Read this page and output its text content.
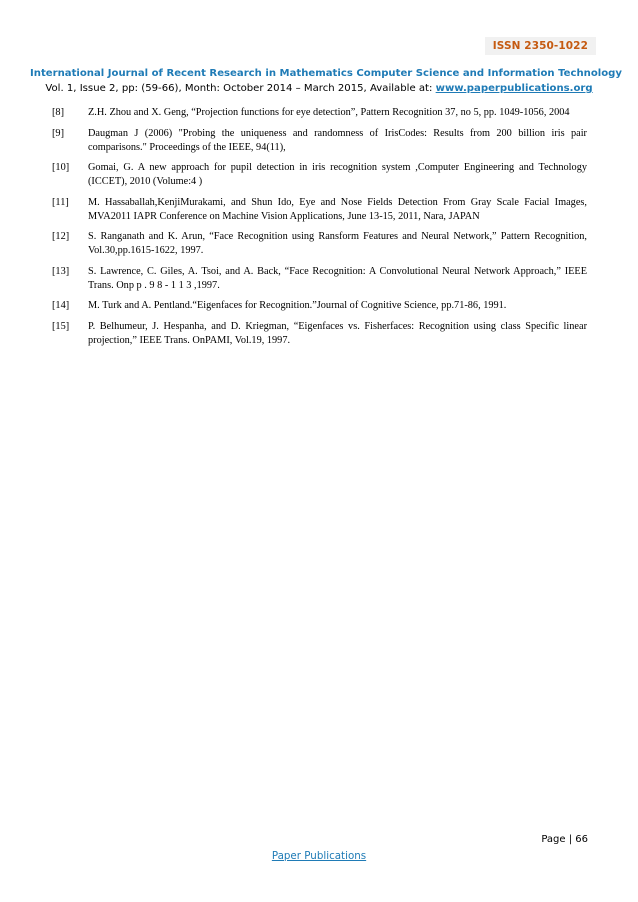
ISSN 2350-1022
International Journal of Recent Research in Mathematics Computer Science and Information Technology
Vol. 1, Issue 2, pp: (59-66), Month: October 2014 – March 2015, Available at: www.paperpublications.org
[8]	Z.H. Zhou and X. Geng, “Projection functions for eye detection”, Pattern Recognition 37, no 5, pp. 1049-1056, 2004
[9]	Daugman J (2006) "Probing the uniqueness and randomness of IrisCodes: Results from 200 billion iris pair comparisons." Proceedings of the IEEE, 94(11),
[10]	Gomai, G. A new approach for pupil detection in iris recognition system ,Computer Engineering and Technology (ICCET), 2010 (Volume:4 )
[11]	M. Hassaballah,KenjiMurakami, and Shun Ido, Eye and Nose Fields Detection From Gray Scale Facial Images, MVA2011 IAPR Conference on Machine Vision Applications, June 13-15, 2011, Nara, JAPAN
[12]	S. Ranganath and K. Arun, “Face Recognition using Ransform Features and Neural Network,” Pattern Recognition, Vol.30,pp.1615-1622, 1997.
[13]	S. Lawrence, C. Giles, A. Tsoi, and A. Back, “Face Recognition: A Convolutional Neural Network Approach,” IEEE Trans. Onp p . 9 8 - 1 1 3 ,1997.
[14]	M. Turk and A. Pentland.“Eigenfaces for Recognition.”Journal of Cognitive Science, pp.71-86, 1991.
[15]	P. Belhumeur, J. Hespanha, and D. Kriegman, “Eigenfaces vs. Fisherfaces: Recognition using class Specific linear projection,” IEEE Trans. OnPAMI, Vol.19, 1997.
Page | 66
Paper Publications
